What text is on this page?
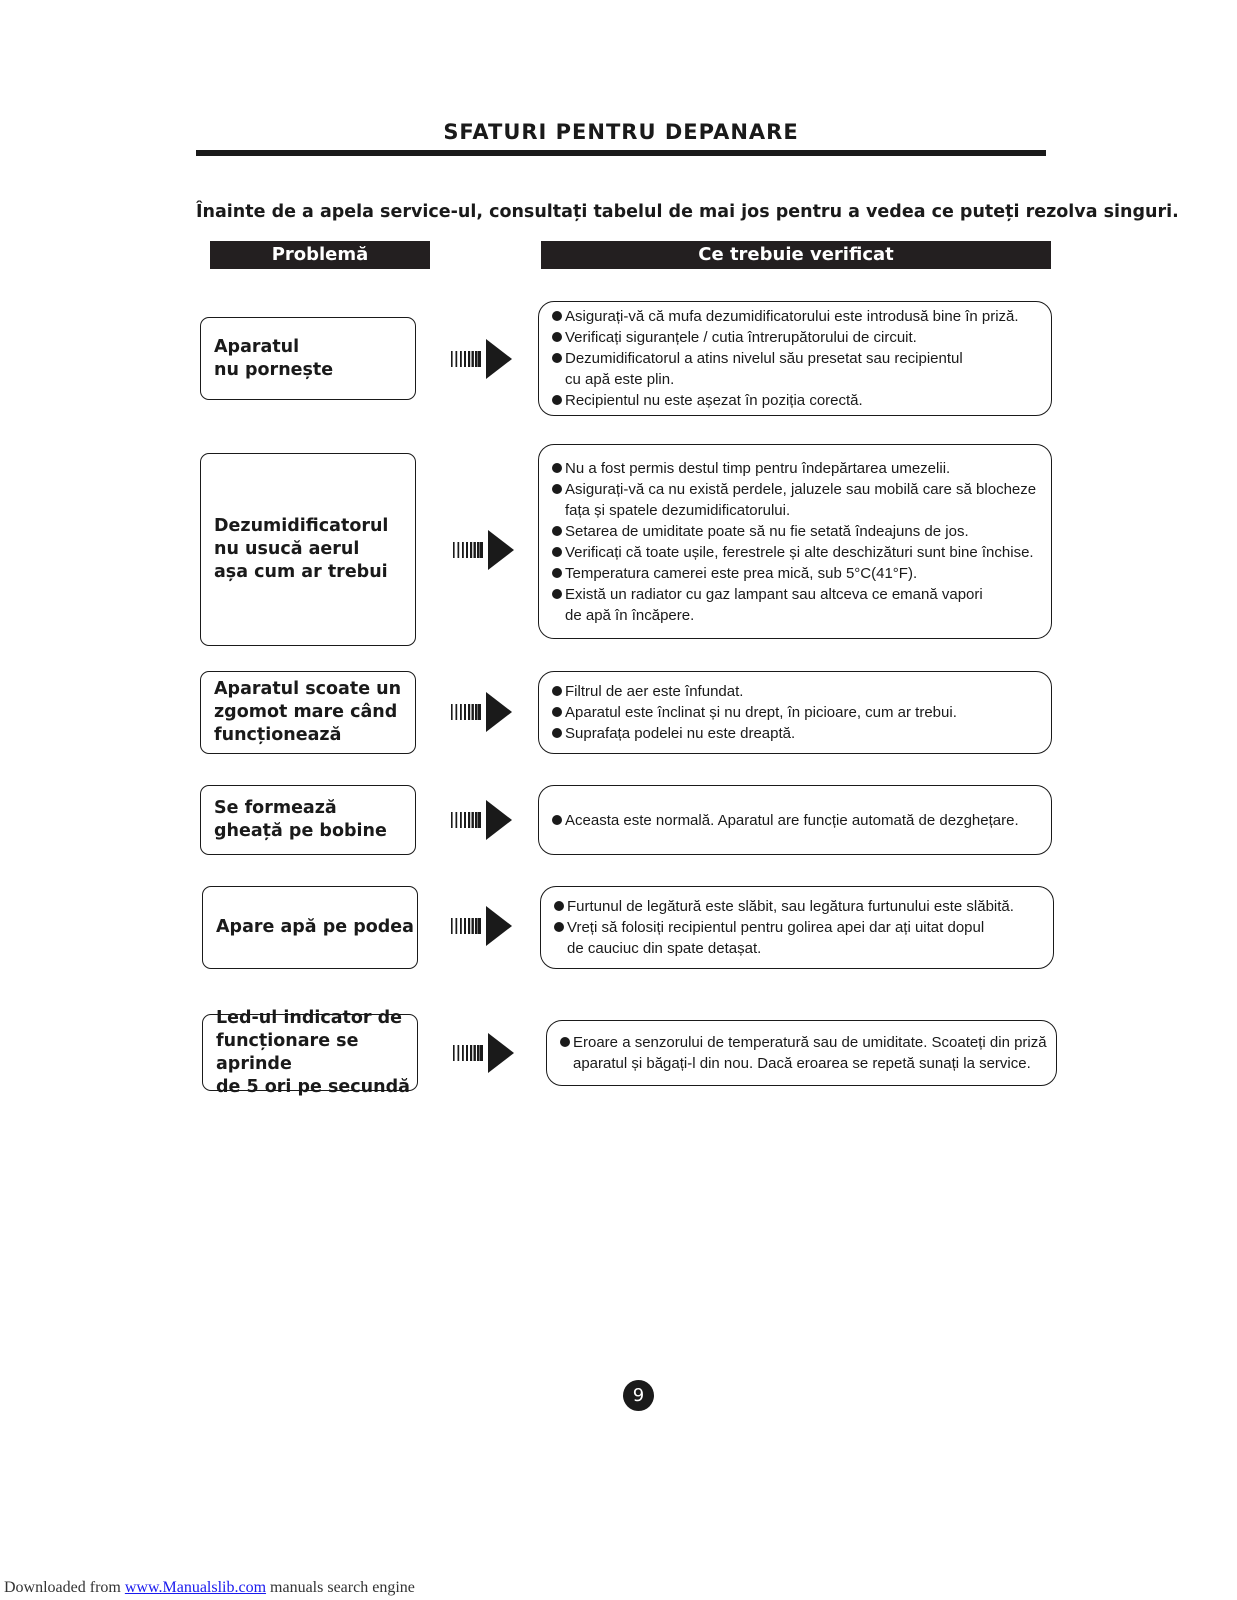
SFATURI PENTRU DEPANARE
Înainte de a apela service-ul, consultați tabelul de mai jos pentru a vedea ce puteți rezolva singuri.
Problemă	Ce trebuie verificat
Aparatul
nu pornește
Asigurați-vă că mufa dezumidificatorului este introdusă bine în priză.
Verificați siguranțele / cutia întrerupătorului de circuit.
Dezumidificatorul a atins nivelul său presetat sau recipientul
cu apă este plin.
Recipientul nu este așezat în poziția corectă.
Dezumidificatorul
nu usucă aerul
așa cum ar trebui
Nu a fost permis destul timp pentru îndepărtarea umezelii.
Asigurați-vă ca nu există perdele, jaluzele sau mobilă care să blocheze
fața și spatele dezumidificatorului.
Setarea de umiditate poate să nu fie setată îndeajuns de jos.
Verificați că toate ușile, ferestrele și alte deschizături sunt bine închise.
Temperatura camerei este prea mică, sub 5°C(41°F).
Există un radiator cu gaz lampant sau altceva ce emană vapori
de apă în încăpere.
Aparatul scoate un
zgomot mare când
funcționează
Filtrul de aer este înfundat.
Aparatul este înclinat și nu drept, în picioare, cum ar trebui.
Suprafața podelei nu este dreaptă.
Se formează
gheață pe bobine
Aceasta este normală. Aparatul are funcție automată de dezghețare.
Apare apă pe podea
Furtunul de legătură este slăbit, sau legătura furtunului este slăbită.
Vreți să folosiți recipientul pentru golirea apei dar ați uitat dopul
de cauciuc din spate detașat.
Led-ul indicator de
funcționare se aprinde
de 5 ori pe secundă
Eroare a senzorului de temperatură sau de umiditate. Scoateți din priză
aparatul și băgați-l din nou. Dacă eroarea se repetă sunați la service.
9
Downloaded from www.Manualslib.com manuals search engine
